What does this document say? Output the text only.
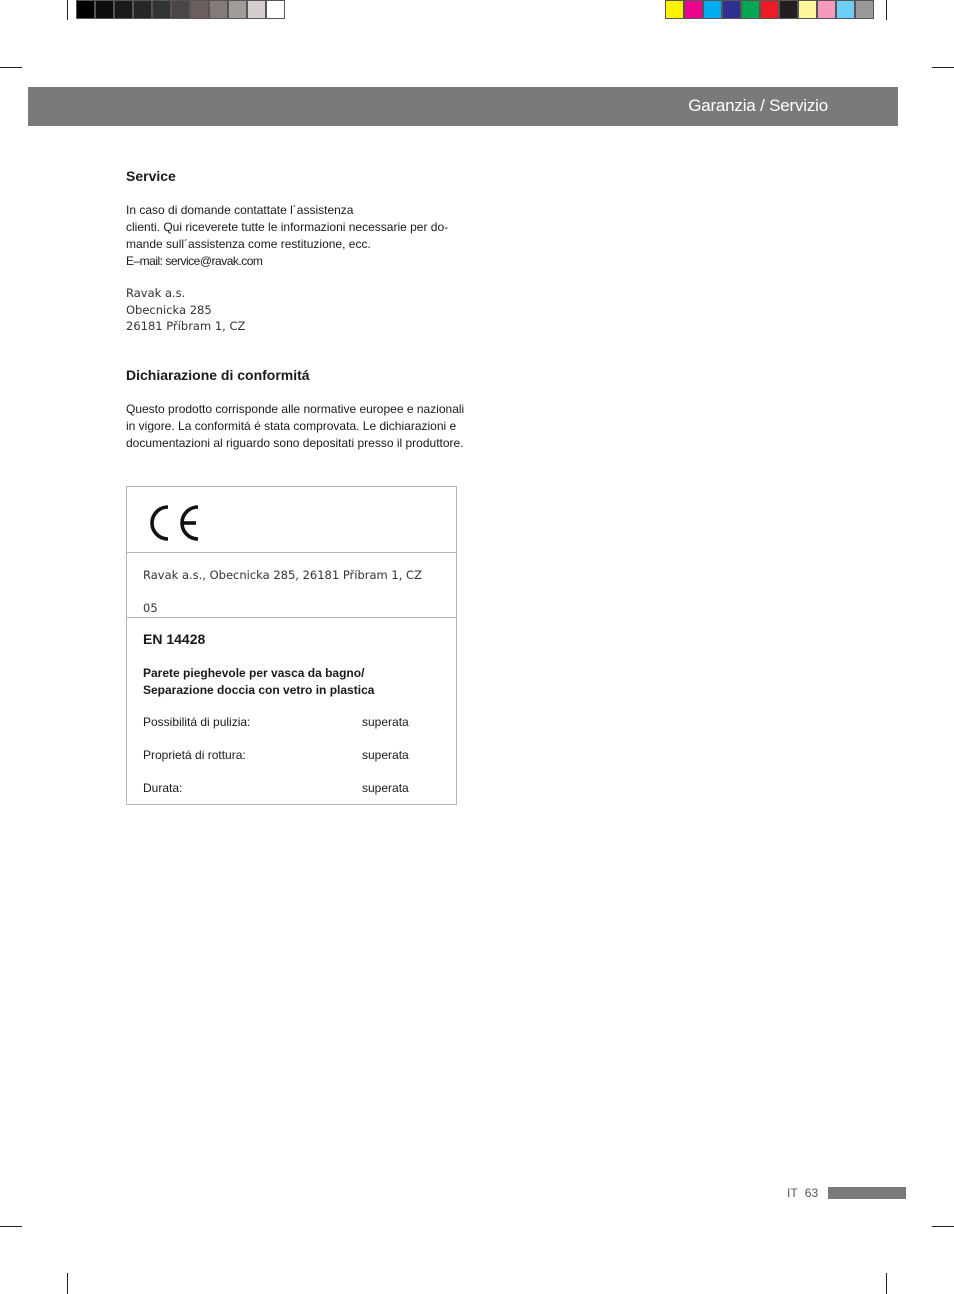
Garanzia / Servizio
Service
In caso di domande contattate l´assistenza
clienti. Qui riceverete tutte le informazioni necessarie per do-
mande sull´assistenza come restituzione, ecc.
E–mail: service@ravak.com
Ravak a.s.
Obecnicka 285
26181 Příbram 1, CZ
Dichiarazione di conformitá
Questo prodotto corrisponde alle normative europee e nazionali
in vigore. La conformitá é stata comprovata. Le dichiarazioni e
documentazioni al riguardo sono depositati presso il produttore.
Ravak a.s., Obecnicka 285, 26181 Příbram 1, CZ
05
EN 14428
Parete pieghevole per vasca da bagno/
Separazione doccia con vetro in plastica
Possibilitá di pulizia:	superata
Proprietá di rottura:	superata
Durata:	superata
IT 63
